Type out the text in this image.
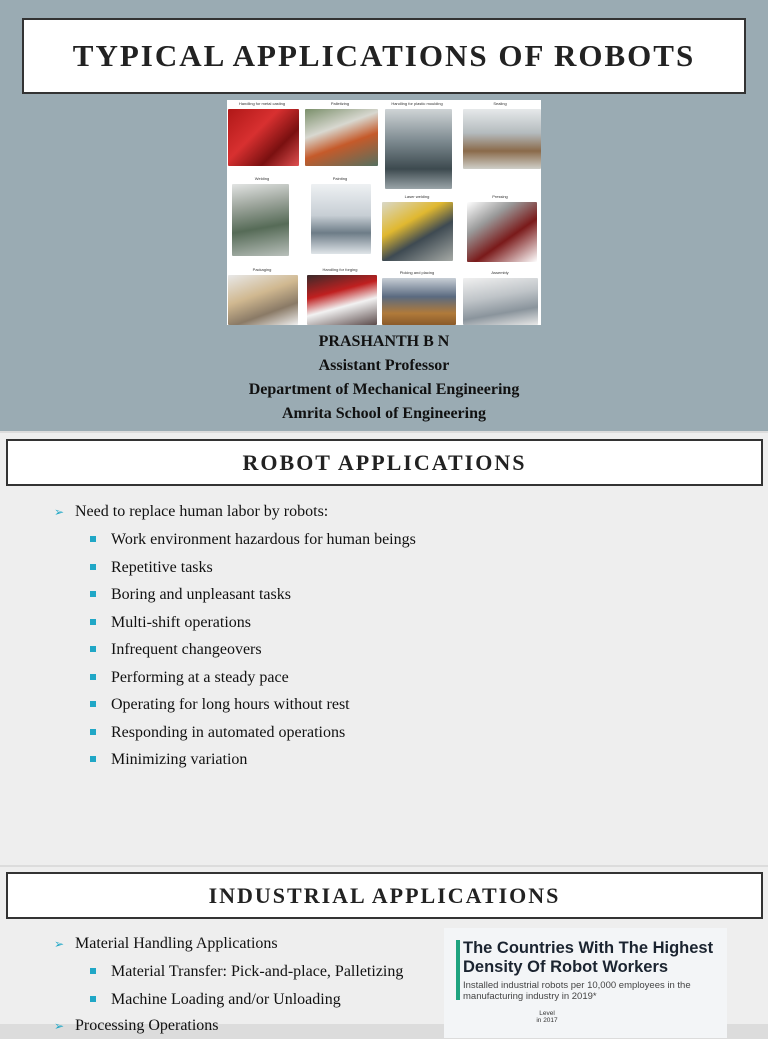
TYPICAL APPLICATIONS OF ROBOTS
Handling for metal casting	Palletizing	Handling for plastic moulding	Sealing
Welding	Painting
Laser welding	Pressing
Packaging	Handling for forging
Picking and placing	Assembly
PRASHANTH B N
Assistant Professor
Department of Mechanical Engineering
Amrita School of Engineering
ROBOT APPLICATIONS
➢ Need to replace human labor by robots:
Work environment hazardous for human beings
Repetitive tasks
Boring and unpleasant tasks
Multi-shift operations
Infrequent changeovers
Performing at a steady pace
Operating for long hours without rest
Responding in automated operations
Minimizing variation
INDUSTRIAL APPLICATIONS
➢ Material Handling Applications
Material Transfer: Pick-and-place, Palletizing
Machine Loading and/or Unloading
➢ Processing Operations
The Countries With The Highest Density Of Robot Workers

Installed industrial robots per 10,000 employees in the manufacturing industry in 2019*

Level in 2017
